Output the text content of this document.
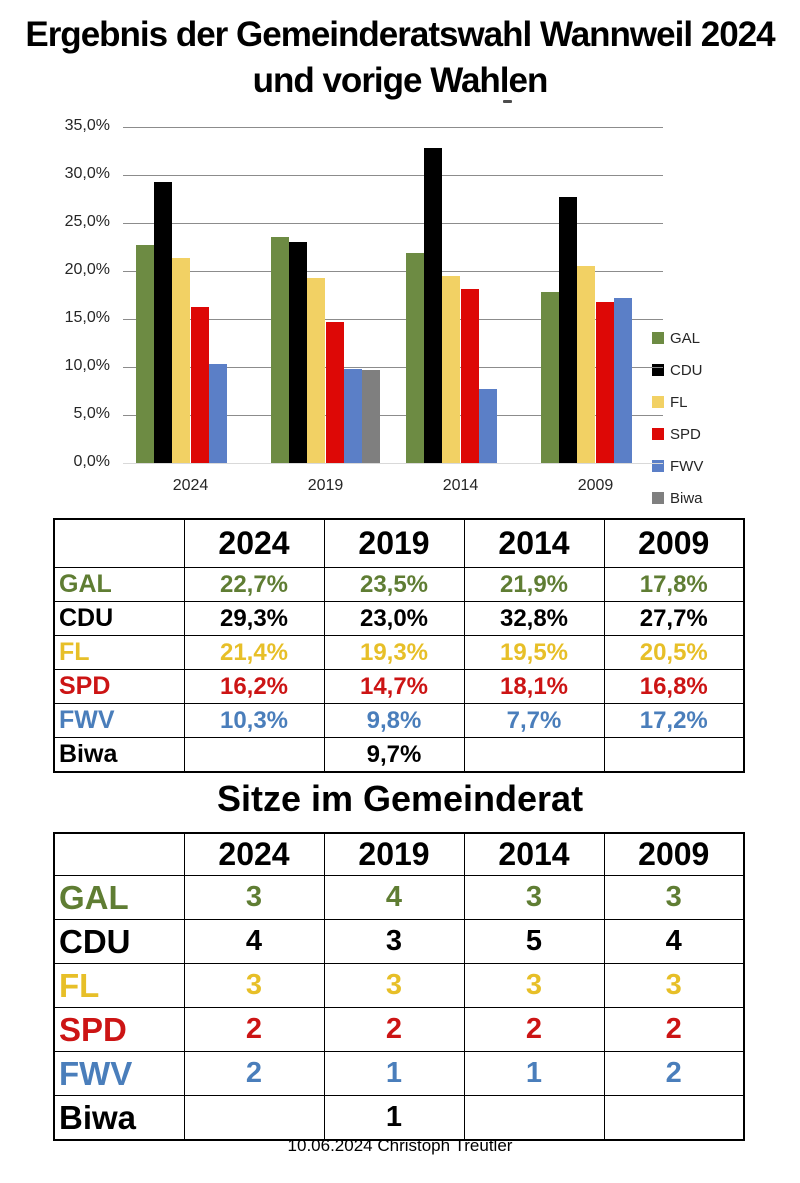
Ergebnis der Gemeinderatswahl Wannweil 2024
und vorige Wahlen
GAL
CDU
FL
SPD
FWV
Biwa
0,0%
5,0%
10,0%
15,0%
20,0%
25,0%
30,0%
35,0%
2024	2019	2014	2009
	2024	2019	2014	2009
GAL	22,7%	23,5%	21,9%	17,8%
CDU	29,3%	23,0%	32,8%	27,7%
FL	21,4%	19,3%	19,5%	20,5%
SPD	16,2%	14,7%	18,1%	16,8%
FWV	10,3%	9,8%	7,7%	17,2%
Biwa		9,7%		
Sitze im Gemeinderat
	2024	2019	2014	2009
GAL	3	4	3	3
CDU	4	3	5	4
FL	3	3	3	3
SPD	2	2	2	2
FWV	2	1	1	2
Biwa		1		
10.06.2024 Christoph Treutler
